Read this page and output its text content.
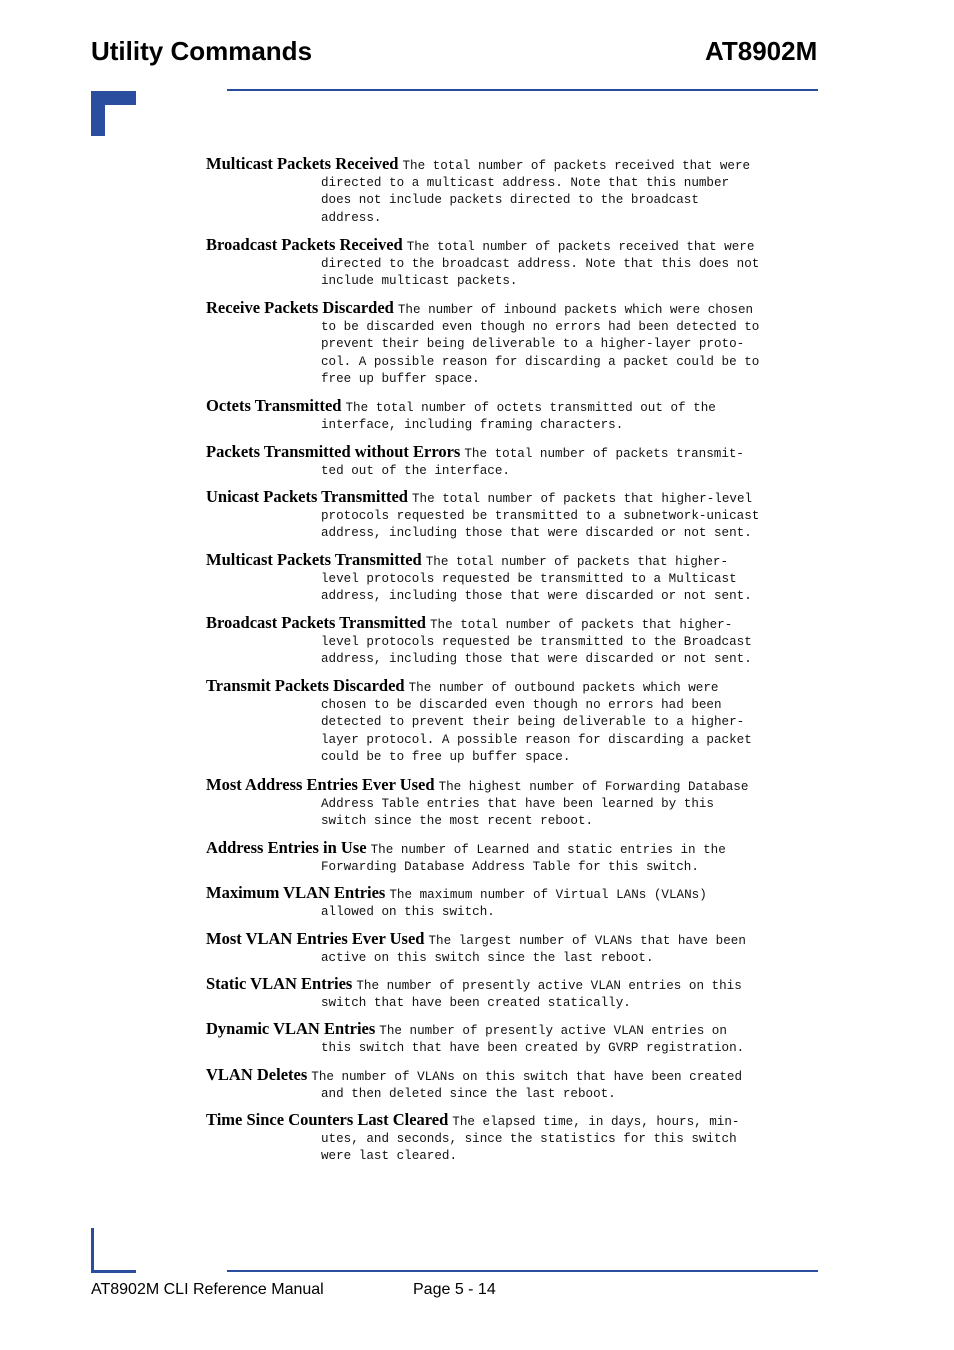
Utility Commands	AT8902M
Multicast Packets Received The total number of packets received that were
directed to a multicast address. Note that this number
does not include packets directed to the broadcast
address.
Broadcast Packets Received The total number of packets received that were
directed to the broadcast address. Note that this does not
include multicast packets.
Receive Packets Discarded The number of inbound packets which were chosen
to be discarded even though no errors had been detected to
prevent their being deliverable to a higher-layer proto-
col. A possible reason for discarding a packet could be to
free up buffer space.
Octets Transmitted The total number of octets transmitted out of the
interface, including framing characters.
Packets Transmitted without Errors The total number of packets transmit-
ted out of the interface.
Unicast Packets Transmitted The total number of packets that higher-level
protocols requested be transmitted to a subnetwork-unicast
address, including those that were discarded or not sent.
Multicast Packets Transmitted The total number of packets that higher-
level protocols requested be transmitted to a Multicast
address, including those that were discarded or not sent.
Broadcast Packets Transmitted The total number of packets that higher-
level protocols requested be transmitted to the Broadcast
address, including those that were discarded or not sent.
Transmit Packets Discarded The number of outbound packets which were
chosen to be discarded even though no errors had been
detected to prevent their being deliverable to a higher-
layer protocol. A possible reason for discarding a packet
could be to free up buffer space.
Most Address Entries Ever Used The highest number of Forwarding Database
Address Table entries that have been learned by this
switch since the most recent reboot.
Address Entries in Use The number of Learned and static entries in the
Forwarding Database Address Table for this switch.
Maximum VLAN Entries The maximum number of Virtual LANs (VLANs)
allowed on this switch.
Most VLAN Entries Ever Used The largest number of VLANs that have been
active on this switch since the last reboot.
Static VLAN Entries The number of presently active VLAN entries on this
switch that have been created statically.
Dynamic VLAN Entries The number of presently active VLAN entries on
this switch that have been created by GVRP registration.
VLAN Deletes The number of VLANs on this switch that have been created
and then deleted since the last reboot.
Time Since Counters Last Cleared The elapsed time, in days, hours, min-
utes, and seconds, since the statistics for this switch
were last cleared.
AT8902M CLI Reference Manual	Page 5 - 14
